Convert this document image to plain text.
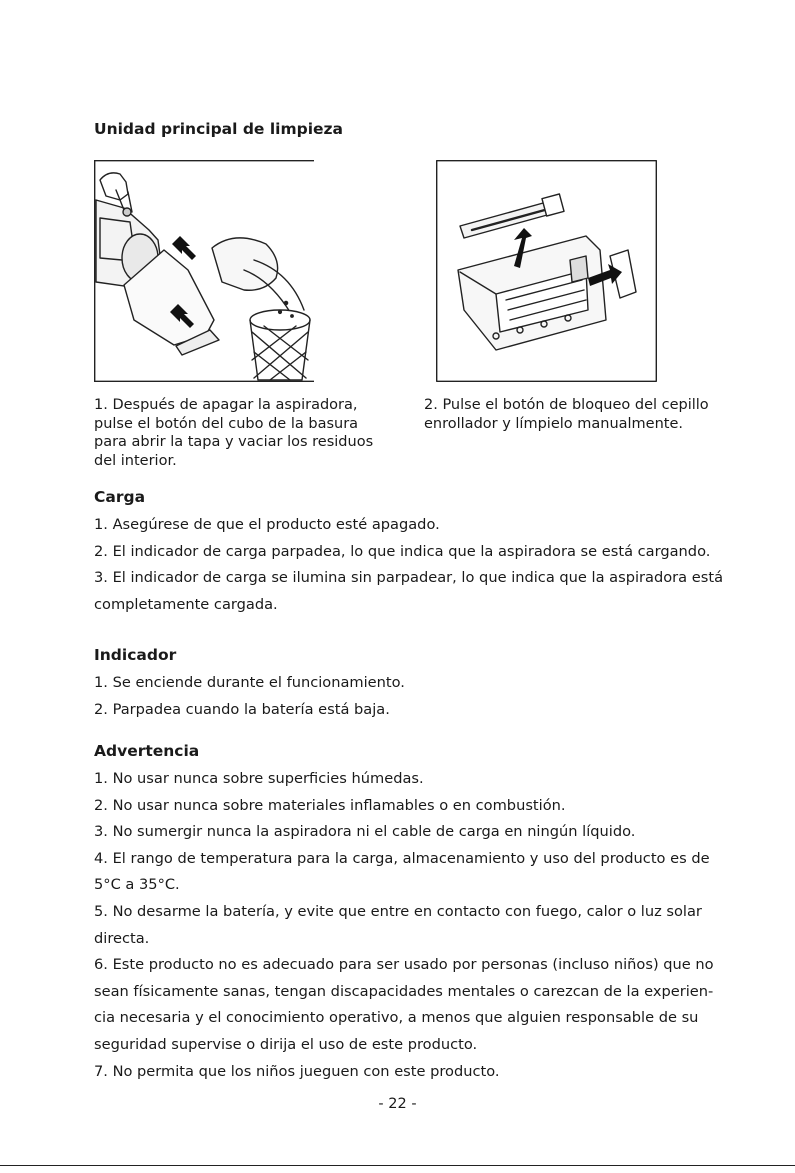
Unidad principal de limpieza

1. Después de apagar la aspiradora, pulse el botón del cubo de la basura para abrir la tapa y vaciar los residuos del interior.

2. Pulse el botón de bloqueo del cepillo enrollador y límpielo manualmente.

Carga
1. Asegúrese de que el producto esté apagado.
2. El indicador de carga parpadea, lo que indica que la aspiradora se está cargando.
3. El indicador de carga se ilumina sin parpadear, lo que indica que la aspiradora está completamente cargada.
Indicador
1. Se enciende durante el funcionamiento.
2. Parpadea cuando la batería está baja.
Advertencia
1. No usar nunca sobre superficies húmedas.
2. No usar nunca sobre materiales inflamables o en combustión.
3. No sumergir nunca la aspiradora ni el cable de carga en ningún líquido.
4. El rango de temperatura para la carga, almacenamiento y uso del producto es de 5°C a 35°C.
5. No desarme la batería, y evite que entre en contacto con fuego, calor o luz solar directa.
6. Este producto no es adecuado para ser usado por personas (incluso niños) que no sean físicamente sanas, tengan discapacidades mentales o carezcan de la experien-cia necesaria y el conocimiento operativo, a menos que alguien responsable de su seguridad supervise o dirija el uso de este producto.
7. No permita que los niños jueguen con este producto.
- 22 -
